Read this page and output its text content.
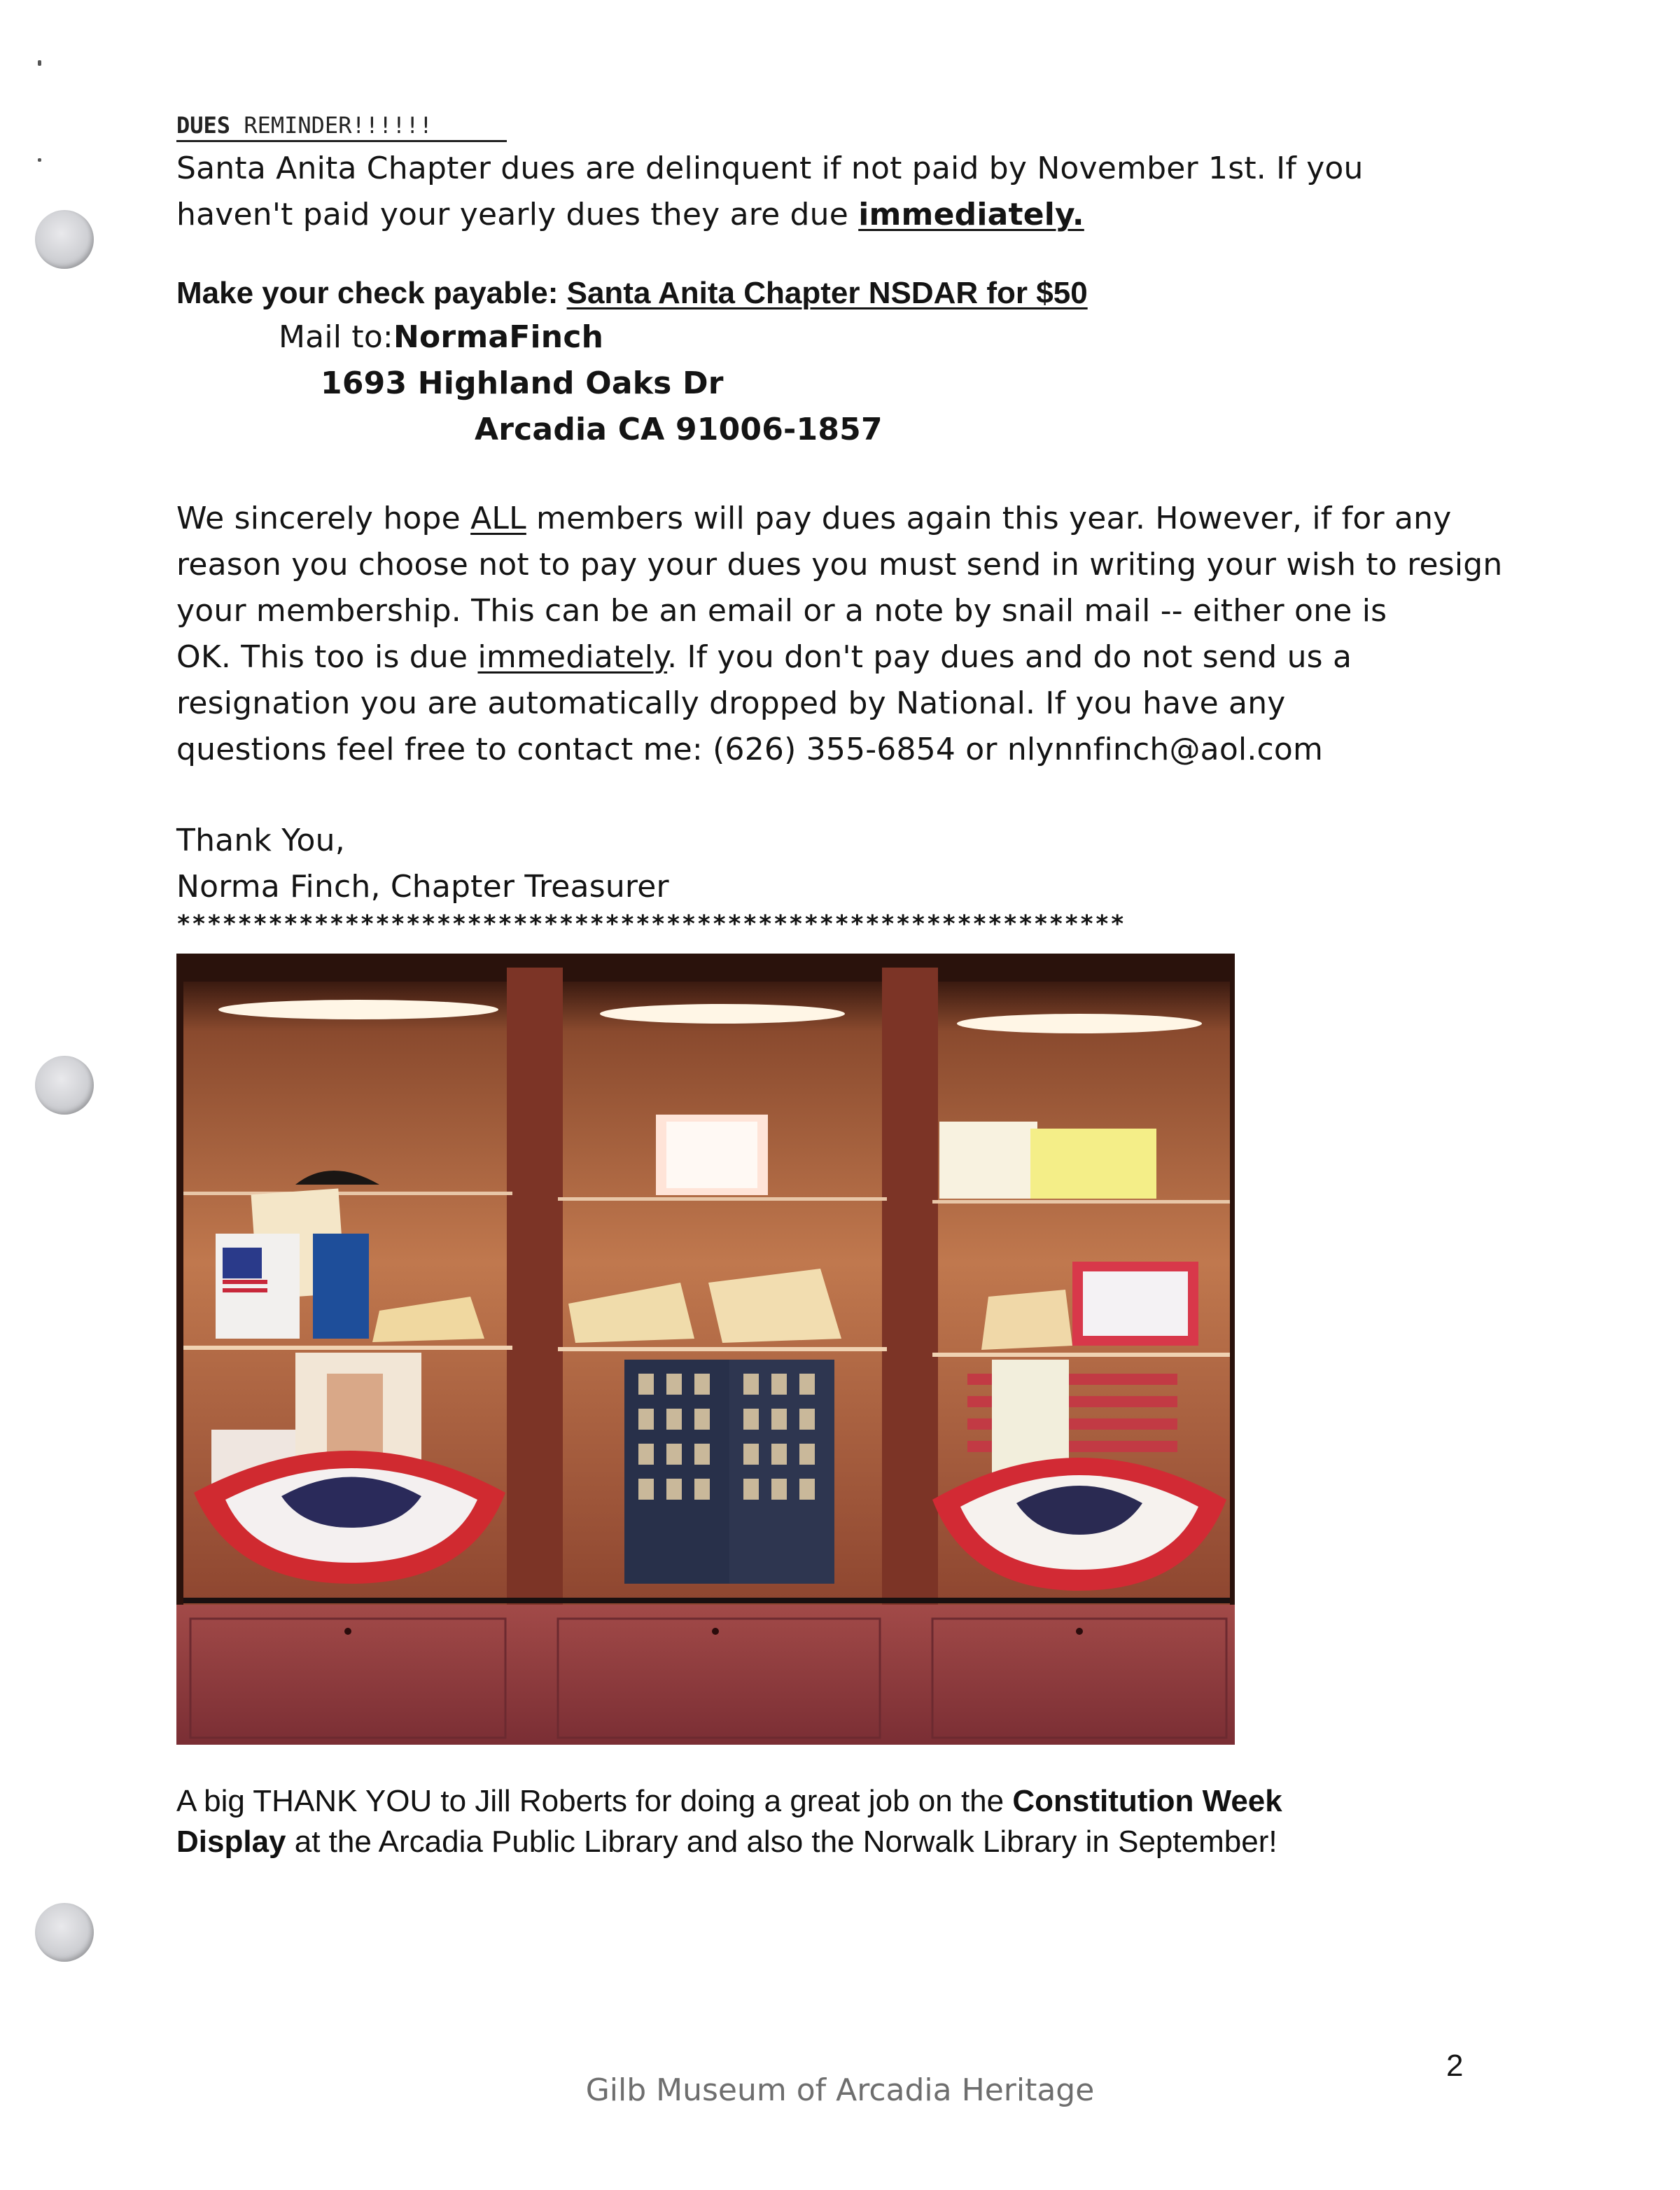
DUES REMINDER!!!!!!
Santa Anita Chapter dues are delinquent if not paid by November 1st. If you
haven't paid your yearly dues they are due immediately.
Make your check payable: Santa Anita Chapter NSDAR for $50
Mail to:NormaFinch
1693 Highland Oaks Dr
Arcadia CA 91006-1857
We sincerely hope ALL members will pay dues again this year. However, if for any
reason you choose not to pay your dues you must send in writing your wish to resign
your membership. This can be an email or a note by snail mail -- either one is
OK. This too is due immediately. If you don't pay dues and do not send us a
resignation you are automatically dropped by National. If you have any
questions feel free to contact me: (626) 355-6854 or nlynnfinch@aol.com
Thank You,
Norma Finch, Chapter Treasurer
**************************************************************
A big THANK YOU to Jill Roberts for doing a great job on the Constitution Week
Display at the Arcadia Public Library and also the Norwalk Library in September!
2
Gilb Museum of Arcadia Heritage
